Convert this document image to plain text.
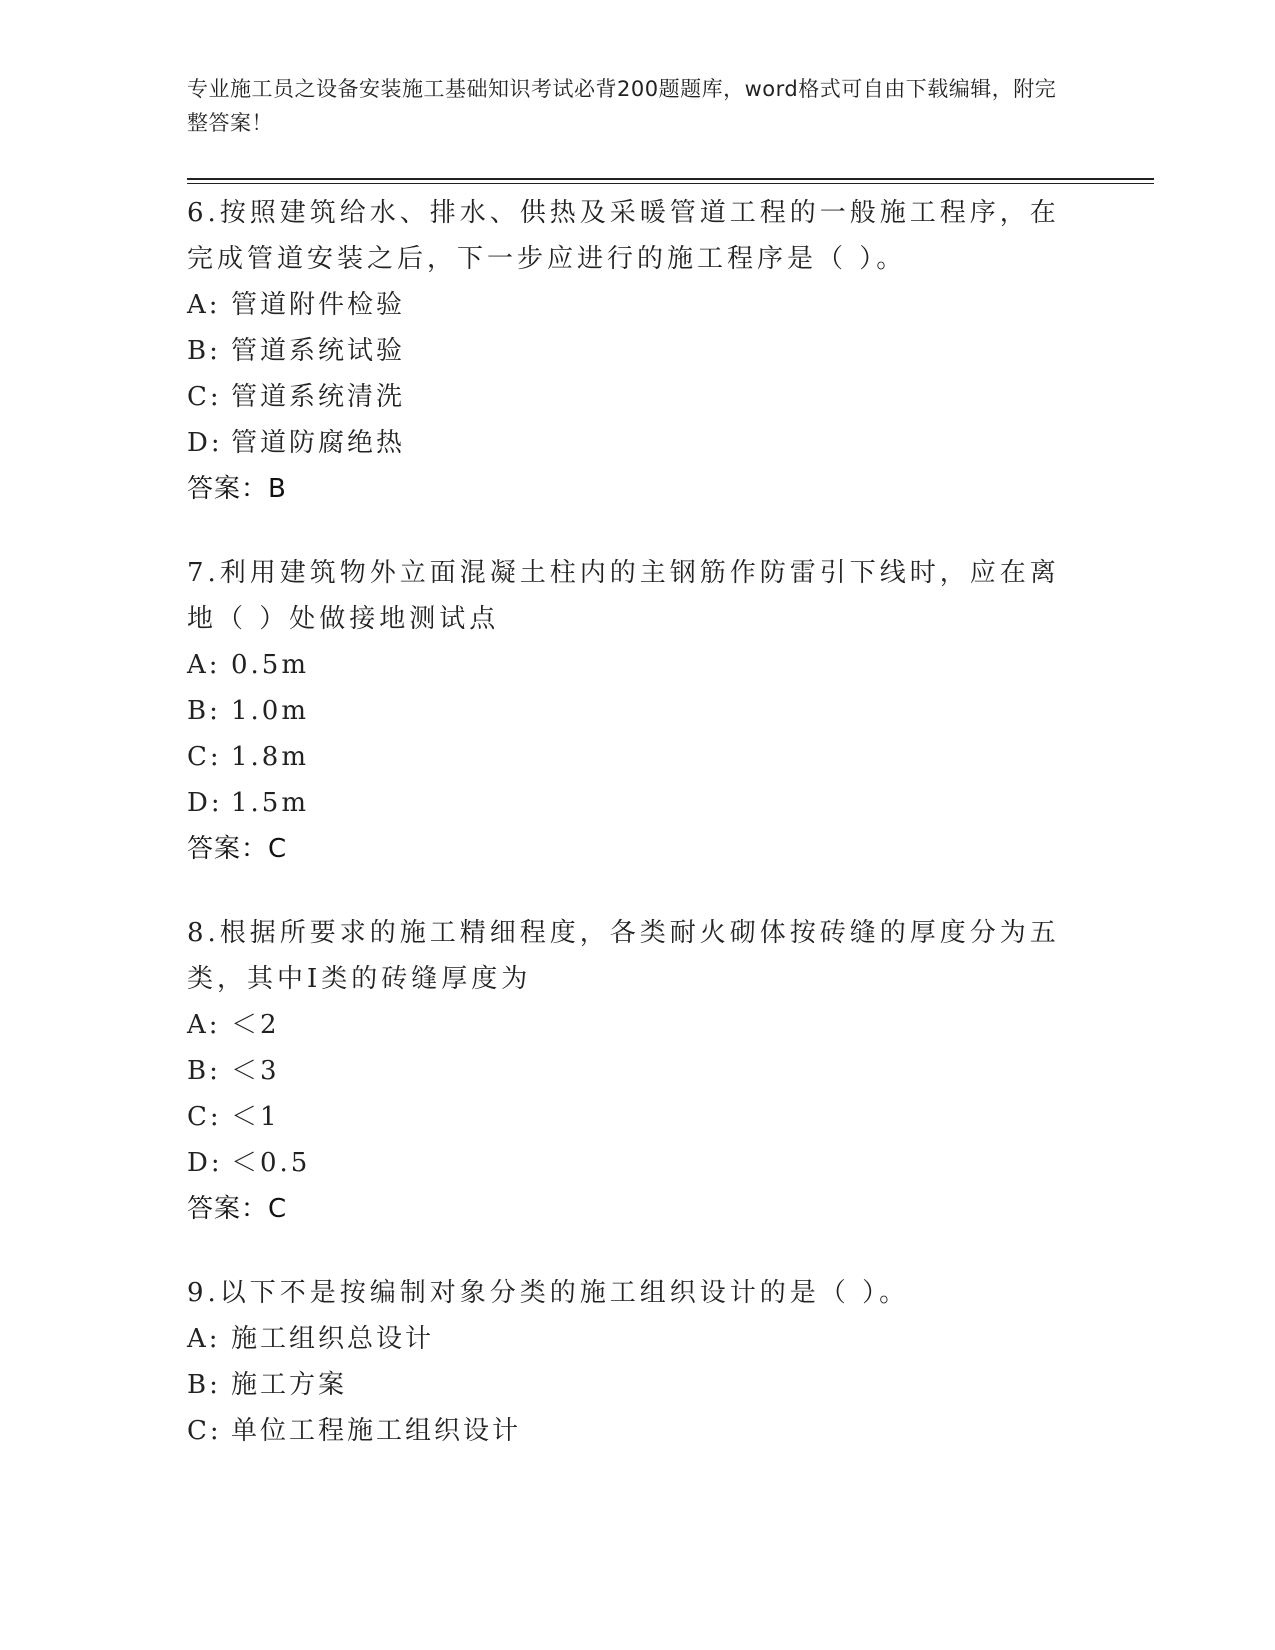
专业施工员之设备安装施工基础知识考试必背200题题库，word格式可自由下载编辑，附完整答案！
6.按照建筑给水、排水、供热及采暖管道工程的一般施工程序，在完成管道安装之后，下一步应进行的施工程序是（ ）。
A: 管道附件检验
B: 管道系统试验
C: 管道系统清洗
D: 管道防腐绝热
答案：B
7.利用建筑物外立面混凝土柱内的主钢筋作防雷引下线时，应在离地（ ）处做接地测试点
A: 0.5m
B: 1.0m
C: 1.8m
D: 1.5m
答案：C
8.根据所要求的施工精细程度，各类耐火砌体按砖缝的厚度分为五类，其中Ⅰ类的砖缝厚度为
A: ＜2
B: ＜3
C: ＜1
D: ＜0.5
答案：C
9.以下不是按编制对象分类的施工组织设计的是（ ）。
A: 施工组织总设计
B: 施工方案
C: 单位工程施工组织设计
